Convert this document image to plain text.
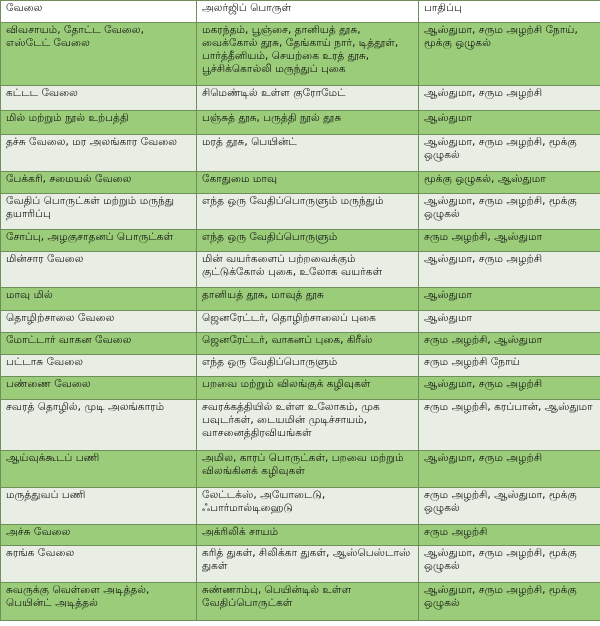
வேலை	அலர்ஜிப் பொருள்	பாதிப்பு
விவசாயம், தோட்ட வேலை, எஸ்டேட் வேலை	மகரந்தம், பூஞ்சை, தானியத் தூசு, வைக்கோல் தூசு, தேங்காய் நார், டித்தூள், பார்த்தீனியம், செயற்கை உரத் தூசு, பூச்சிக்கொல்லி மருந்துப் புகை	ஆஸ்துமா, சரும அழற்சி நோய், மூக்கு ஒழுகல்
கட்டட வேலை	சிமெண்டில் உள்ள குரோமேட்	ஆஸ்துமா, சரும அழற்சி
மில் மற்றும் நூல் உற்பத்தி	பஞ்சுத் தூசு, பருத்தி நூல் தூசு	ஆஸ்துமா
தச்சு வேலை, மர அலங்கார வேலை	மரத் தூசு, பெயின்ட்	ஆஸ்துமா, சரும அழற்சி, மூக்கு ஒழுகல்
பேக்கரி, சமையல் வேலை	கோதுமை மாவு	மூக்கு ஒழுகல், ஆஸ்துமா
வேதிப் பொருட்கள் மற்றும் மருந்து தயாரிப்பு	எந்த ஒரு வேதிப்பொருளும் மருந்தும்	ஆஸ்துமா, சரும அழற்சி, மூக்கு ஒழுகல்
சோப்பு, அழகுசாதனப் பொருட்கள்	எந்த ஒரு வேதிப்பொருளும்	சரும அழற்சி, ஆஸ்துமா
மின்சார வேலை	மின் வயர்களைப் பற்றவைக்கும் குட்டுக்கோல் புகை, உலோக வயர்கள்	ஆஸ்துமா, சரும அழற்சி
மாவு மில்	தானியத் தூசு, மாவுத் தூசு	ஆஸ்துமா
தொழிற்சாலை வேலை	ஜெனரேட்டர், தொழிற்சாலைப் புகை	ஆஸ்துமா
மோட்டார் வாகன வேலை	ஜெனரேட்டர், வாகனப் புகை, கிரீஸ்	சரும அழற்சி, ஆஸ்துமா
பட்டாசு வேலை	எந்த ஒரு வேதிப்பொருளும்	சரும அழற்சி நோய்
பண்ணை வேலை	பறவை மற்றும் விலங்குக் கழிவுகள்	ஆஸ்துமா, சரும அழற்சி
சவரத் தொழில், முடி அலங்காரம்	சவரக்கத்தியில் உள்ள உலோகம், முக பவுடர்கள், டையமின் முடிச்சாயம், வாசனைத்திரவியங்கள்	சரும அழற்சி, கரப்பான், ஆஸ்துமா
ஆய்வுக்கூடப் பணி	அமில, காரப் பொருட்கள், பறவை மற்றும் விலங்கினக் கழிவுகள்	ஆஸ்துமா, சரும அழற்சி
மருத்துவப் பணி	லேட்டக்ஸ், அயோடைடு, ஃபார்மால்டிஹைடு	சரும அழற்சி, ஆஸ்துமா, மூக்கு ஒழுகல்
அச்சு வேலை	அக்ரிலிக் சாயம்	சரும அழற்சி
சுரங்க வேலை	கரித் துகள், சிலிக்கா துகள், ஆஸ்பெஸ்டாஸ் துகள்	ஆஸ்துமா, சரும அழற்சி, மூக்கு ஒழுகல்
சுவருக்கு வெள்ளை அடித்தல், பெயின்ட் அடித்தல்	சுண்ணாம்பு, பெயின்டில் உள்ள வேதிப்பொருட்கள்	ஆஸ்துமா, சரும அழற்சி, மூக்கு ஒழுகல்
